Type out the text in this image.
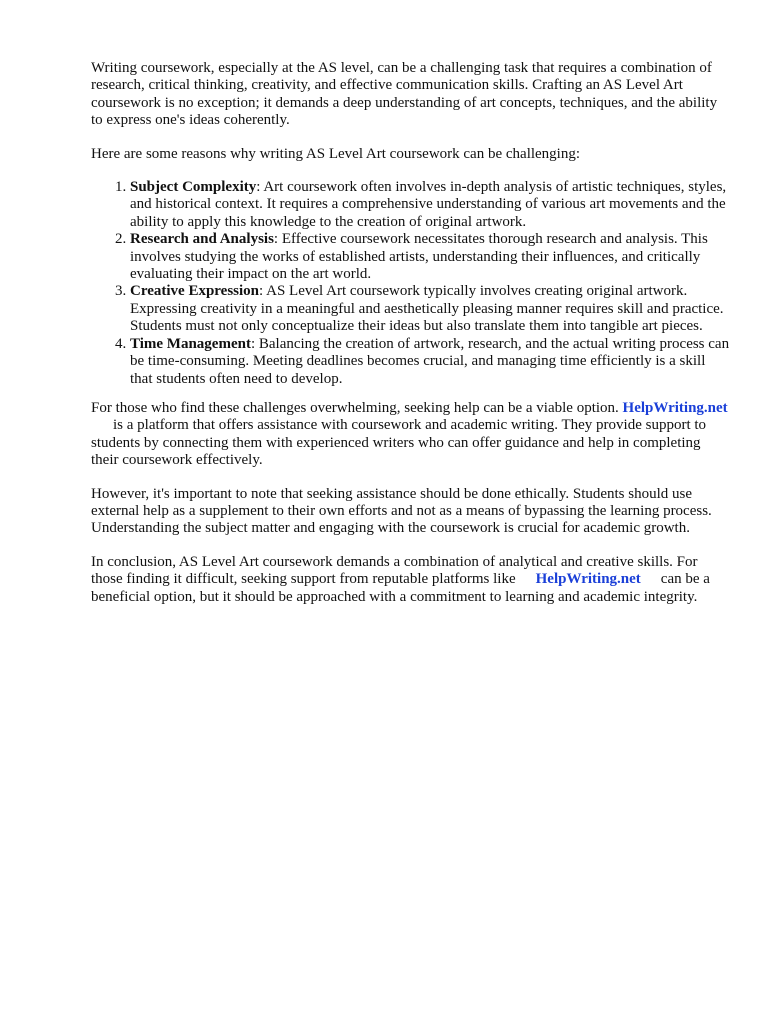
Writing coursework, especially at the AS level, can be a challenging task that requires a combination of research, critical thinking, creativity, and effective communication skills. Crafting an AS Level Art coursework is no exception; it demands a deep understanding of art concepts, techniques, and the ability to express one's ideas coherently.

Here are some reasons why writing AS Level Art coursework can be challenging:

1. Subject Complexity: Art coursework often involves in-depth analysis of artistic techniques, styles, and historical context. It requires a comprehensive understanding of various art movements and the ability to apply this knowledge to the creation of original artwork.
2. Research and Analysis: Effective coursework necessitates thorough research and analysis. This involves studying the works of established artists, understanding their influences, and critically evaluating their impact on the art world.
3. Creative Expression: AS Level Art coursework typically involves creating original artwork. Expressing creativity in a meaningful and aesthetically pleasing manner requires skill and practice. Students must not only conceptualize their ideas but also translate them into tangible art pieces.
4. Time Management: Balancing the creation of artwork, research, and the actual writing process can be time-consuming. Meeting deadlines becomes crucial, and managing time efficiently is a skill that students often need to develop.

For those who find these challenges overwhelming, seeking help can be a viable option. HelpWriting.netis a platform that offers assistance with coursework and academic writing. They provide support to students by connecting them with experienced writers who can offer guidance and help in completing their coursework effectively.

However, it's important to note that seeking assistance should be done ethically. Students should use external help as a supplement to their own efforts and not as a means of bypassing the learning process. Understanding the subject matter and engaging with the coursework is crucial for academic growth.

In conclusion, AS Level Art coursework demands a combination of analytical and creative skills. For those finding it difficult, seeking support from reputable platforms like HelpWriting.net can be a beneficial option, but it should be approached with a commitment to learning and academic integrity.
